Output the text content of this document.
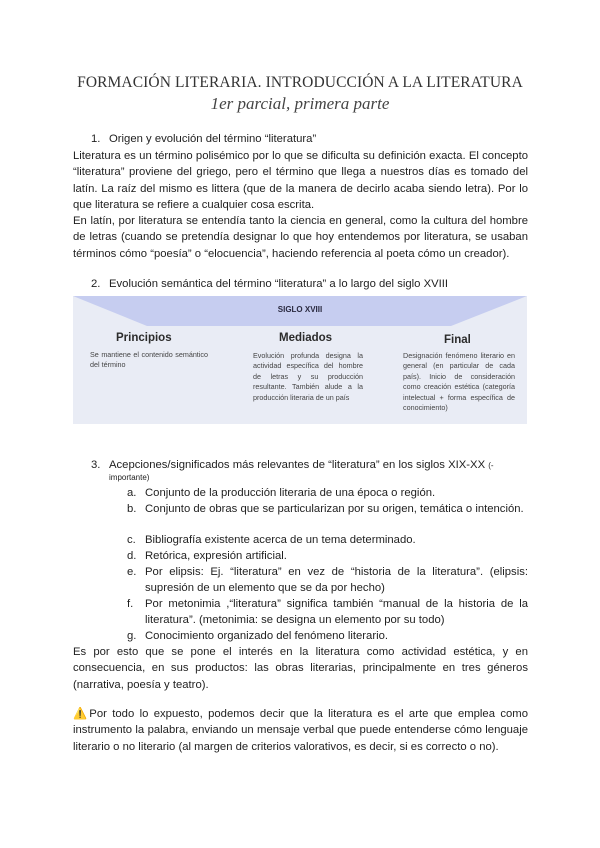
FORMACIÓN LITERARIA. INTRODUCCIÓN A LA LITERATURA
1er parcial, primera parte
1. Origen y evolución del término “literatura”
Literatura es un término polisémico por lo que se dificulta su definición exacta. El concepto “literatura” proviene del griego, pero el término que llega a nuestros días es tomado del latín. La raíz del mismo es littera (que de la manera de decirlo acaba siendo letra). Por lo que literatura se refiere a cualquier cosa escrita.
En latín, por literatura se entendía tanto la ciencia en general, como la cultura del hombre de letras (cuando se pretendía designar lo que hoy entendemos por literatura, se usaban términos cómo “poesía” o “elocuencia”, haciendo referencia al poeta cómo un creador).
2. Evolución semántica del término “literatura” a lo largo del siglo XVIII
SIGLO XVIII
Principios
Se mantiene el contenido semántico del término
Mediados
Evolución profunda designa la actividad específica del hombre de letras y su producción resultante. También alude a la producción literaria de un país
Final
Designación fenómeno literario en general (en particular de cada país). Inicio de consideración como creación estética (categoría intelectual + forma específica de conocimiento)
3. Acepciones/significados más relevantes de “literatura” en los siglos XIX-XX (-
importante)
a. Conjunto de la producción literaria de una época o región.
b. Conjunto de obras que se particularizan por su origen, temática o intención.
c. Bibliografía existente acerca de un tema determinado.
d. Retórica, expresión artificial.
e. Por elipsis: Ej. “literatura” en vez de “historia de la literatura”. (elipsis: supresión de un elemento que se da por hecho)
f. Por metonimia ,“literatura” significa también “manual de la historia de la literatura”. (metonimia: se designa un elemento por su todo)
g. Conocimiento organizado del fenómeno literario.
Es por esto que se pone el interés en la literatura como actividad estética, y en consecuencia, en sus productos: las obras literarias, principalmente en tres géneros (narrativa, poesía y teatro).
⚠️Por todo lo expuesto, podemos decir que la literatura es el arte que emplea como instrumento la palabra, enviando un mensaje verbal que puede entenderse cómo lenguaje literario o no literario (al margen de criterios valorativos, es decir, si es correcto o no).
